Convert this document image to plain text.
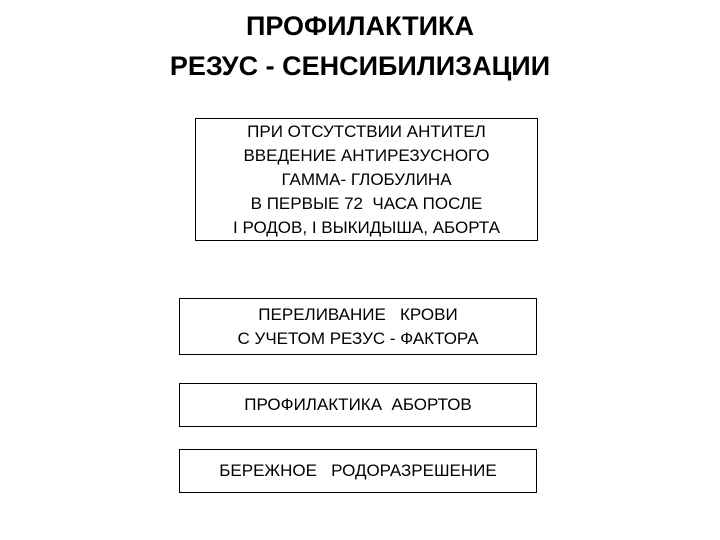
ПРОФИЛАКТИКА
РЕЗУС - СЕНСИБИЛИЗАЦИИ
ПРИ ОТСУТСТВИИ АНТИТЕЛ
ВВЕДЕНИЕ АНТИРЕЗУСНОГО
ГАММА- ГЛОБУЛИНА
В ПЕРВЫЕ 72  ЧАСА ПОСЛЕ
I РОДОВ, I ВЫКИДЫША, АБОРТА
ПЕРЕЛИВАНИЕ   КРОВИ
С УЧЕТОМ РЕЗУС - ФАКТОРА
ПРОФИЛАКТИКА  АБОРТОВ
БЕРЕЖНОЕ   РОДОРАЗРЕШЕНИЕ
